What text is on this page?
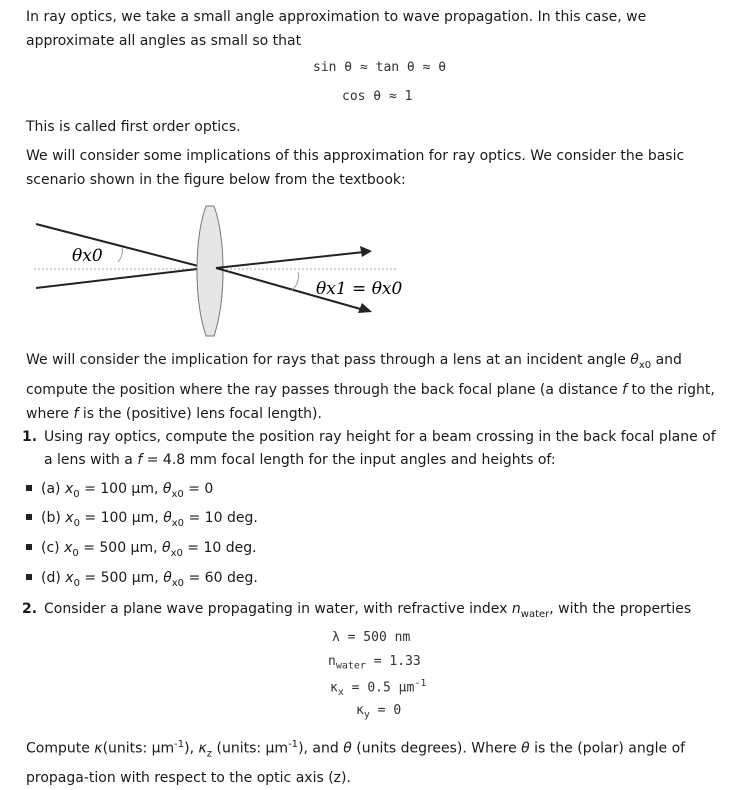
In ray optics, we take a small angle approximation to wave propagation. In this case, we approximate all angles as small so that
sin θ ≈ tan θ ≈ θ
cos θ ≈ 1
This is called first order optics.
We will consider some implications of this approximation for ray optics. We consider the basic scenario shown in the figure below from the textbook:
θx0
θx1 = θx0
We will consider the implication for rays that pass through a lens at an incident angle $\theta_{x0}$ and compute the position where the ray passes through the back focal plane (a distance f to the right, where f is the (positive) lens focal length).
1. Using ray optics, compute the position ray height for a beam crossing in the back focal plane of a lens with a f = 4.8 mm focal length for the input angles and heights of:
(a) $x_0 = 100$ μm, $\theta_{x0} = 0$
(b) $x_0 = 100$ μm, $\theta_{x0} = 10$ deg.
(c) $x_0 = 500$ μm, $\theta_{x0} = 10$ deg.
(d) $x_0 = 500$ μm, $\theta_{x0} = 60$ deg.
2. Consider a plane wave propagating in water, with refractive index $n_{water}$, with the properties
λ = 500 nm
$n_{water} = 1.33$
$\kappa_x = 0.5$ $\mu m^{-1}$
$\kappa_y = 0$
Compute κ(units: $\mu m^{-1}$), $\kappa_z$ (units: $\mu m^{-1}$), and θ (units degrees). Where θ is the (polar) angle of propaga-tion with respect to the optic axis (z).
